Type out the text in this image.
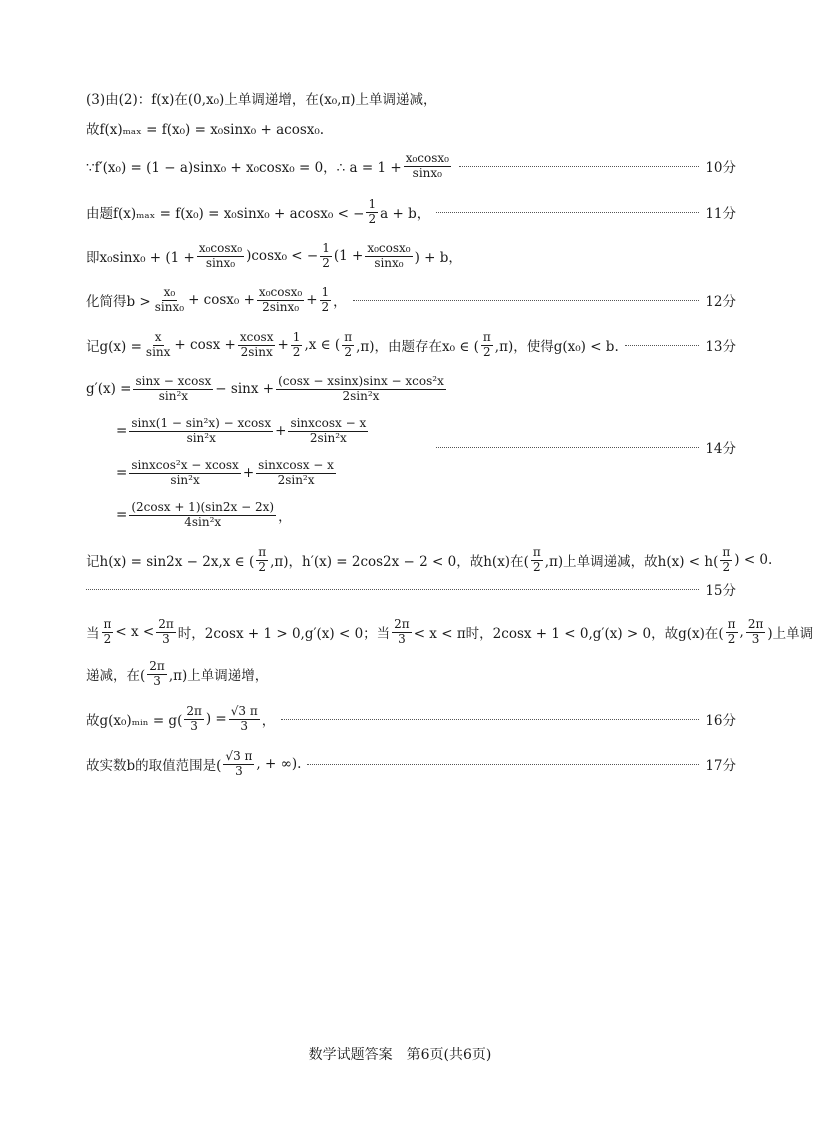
(3)由(2)：f(x)在(0,x₀)上单调递增，在(x₀,π)上单调递减，
故f(x)ₘₐₓ = f(x₀) = x₀sinx₀ + acosx₀.
∵f′(x₀) = (1 − a)sinx₀ + x₀cosx₀ = 0，∴ $a = 1 + \frac{\text{x₀cosx₀}}{\text{sinx₀}}$	10分
由题f(x)ₘₐₓ = f(x₀) = x₀sinx₀ + acosx₀ < − $\frac{1}{2}$ a + b，	11分
即$x_0\sin x_0 + (1 + \frac{\text{x₀cosx₀}}{\text{sinx₀}} )\cos x_0$ < − $\frac{1}{2} (1 + \frac{\text{x₀cosx₀}}{\text{sinx₀}}$ ) + b，
化简得$b > \frac{\text{x₀}}{\text{sinx₀}} + \cos x_0 + \frac{\text{x₀cosx₀}}{\text{2sinx₀}} + \frac{1}{2}$ ，	12分
记$g(x) = \frac{x}{\sin x} + \cos x + \frac{xcosx}{2\sin x} + \frac{1}{2} ,x$ ∈ ( $\frac{\pi}{2} ,\pi$)，由题存在x₀ ∈ ( $\frac{\pi}{2} ,\pi$)，使得g(x₀) < b.	13分
$g'(x) = \frac{\sin x - xcosx}{\text{sin²x}} - \sin x + \frac{\text{(cosx − xsinx)sinx − xcos²x}}{\text{2sin²x}}$
= $\frac{\text{sinx(1 − sin²x) − xcosx}}{\text{sin²x}} + \frac{\text{sinxcosx − x}}{\text{2sin²x}}$
= $\frac{\text{sinxcos²x − xcosx}}{\text{sin²x}} + \frac{\text{sinxcosx − x}}{\text{2sin²x}}$
= $\frac{(2\cos x + 1)(\sin 2x - 2x)}{\text{4sin²x}}$ ，
14分
记h(x) = sin2x − 2x,x ∈ ( $\frac{\pi}{2} ,\pi$)，h′(x) = 2cos2x − 2 < 0，故h(x)在( $\frac{\pi}{2} ,\pi$)上单调递减，故$h(x) < h( \frac{\pi}{2}$ ) < 0.
15分
当 $\frac{\pi}{2} < x < \frac{2\pi}{3}$ 时，2cosx + 1 > 0,g′(x) < 0；当 $\frac{2\pi}{3} < x < \pi$时，2cosx + 1 < 0,g′(x) > 0，故g(x)在( $\frac{\pi}{2}$ , $\frac{2\pi}{3}$ )上单调
递减，在( $\frac{2\pi}{3} ,\pi$)上单调递增，
故g(x₀)ₘᵢₙ = $g( \frac{2\pi}{3}$ ) = $\frac{√3 \pi}{3}$ ，	16分
故实数b的取值范围是( $\frac{√3 \pi}{3}$ , + ∞).	17分
数学试题答案　第6页(共6页)
